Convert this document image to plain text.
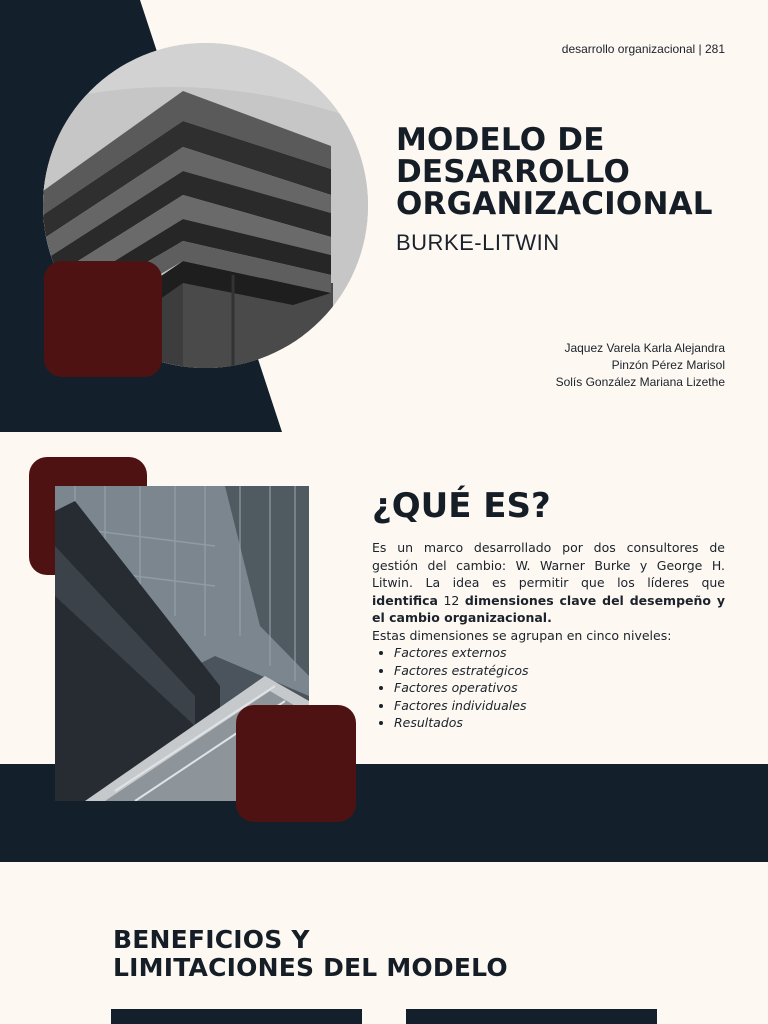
desarrollo organizacional | 281
MODELO DE
DESARROLLO
ORGANIZACIONAL
BURKE-LITWIN
Jaquez Varela Karla Alejandra
Pinzón Pérez Marisol
Solís González Mariana Lizethe
¿QUÉ ES?

Es un marco desarrollado por dos consultores de gestión del cambio: W. Warner Burke y George H. Litwin. La idea es permitir que los líderes que identifica 12 dimensiones clave del desempeño y el cambio organizacional.

Estas dimensiones se agrupan en cinco niveles:

• Factores externos
• Factores estratégicos
• Factores operativos
• Factores individuales
• Resultados
BENEFICIOS Y
LIMITACIONES DEL MODELO
